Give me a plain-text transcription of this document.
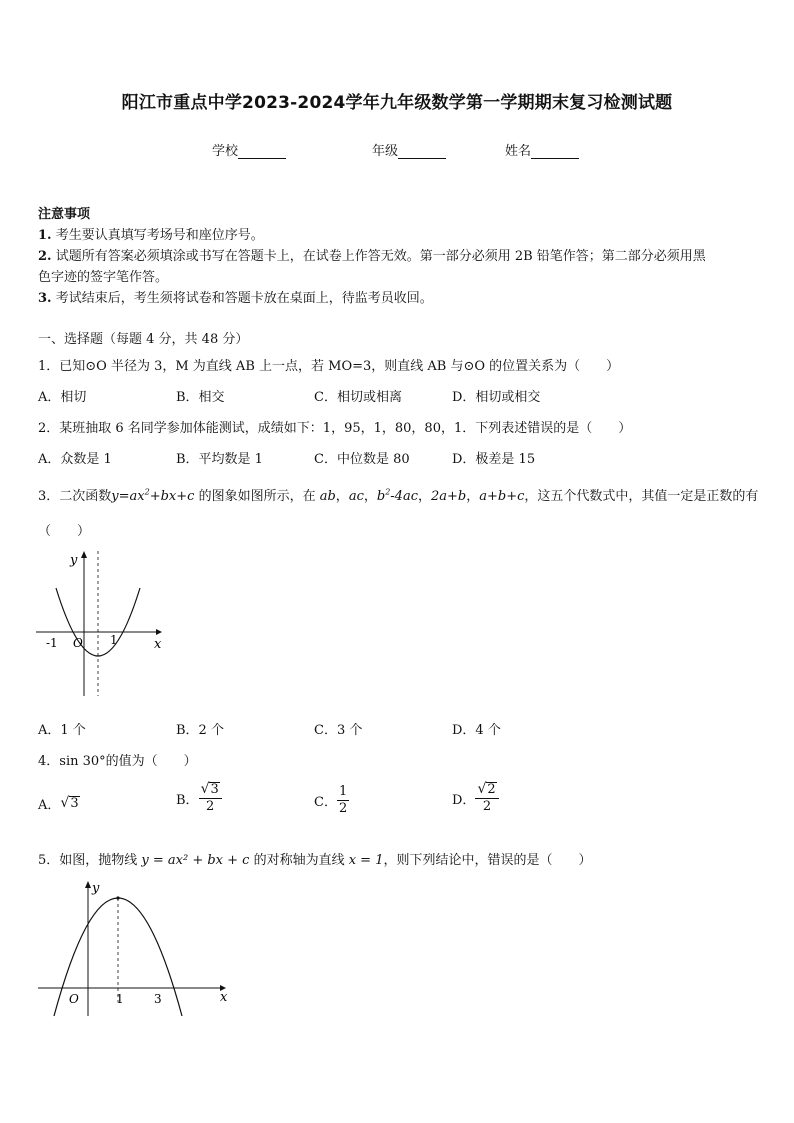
阳江市重点中学2023-2024学年九年级数学第一学期期末复习检测试题
学校	年级	姓名
注意事项
1. 考生要认真填写考场号和座位序号。
2. 试题所有答案必须填涂或书写在答题卡上，在试卷上作答无效。第一部分必须用 2B 铅笔作答；第二部分必须用黑
色字迹的签字笔作答。
3. 考试结束后，考生须将试卷和答题卡放在桌面上，待监考员收回。
一、选择题（每题 4 分，共 48 分）
1．已知⊙O 半径为 3，M 为直线 AB 上一点，若 MO=3，则直线 AB 与⊙O 的位置关系为（　　）
A．相切	B．相交	C．相切或相离	D．相切或相交
2．某班抽取 6 名同学参加体能测试，成绩如下：1，95，1，80，80，1．下列表述错误的是（　　）
A．众数是 1	B．平均数是 1	C．中位数是 80	D．极差是 15
3．二次函数$y=ax^2+bx+c$ 的图象如图所示，在 ab，ac，$b^2-4ac$，2a+b，a+b+c，这五个代数式中，其值一定是正数的有
（　　）
y
x
O
-1	1
A．1 个	B．2 个	C．3 个	D．4 个
4．sin 30°的值为（　　）
A． √ 3	B． $\frac{√ 3}{2}$	C． $\frac{1}{2}$	D． $\frac{√ 2}{2}$
5．如图，抛物线 y = ax² + bx + c 的对称轴为直线 x = 1，则下列结论中，错误的是（　　）
y
x
O	1	3
